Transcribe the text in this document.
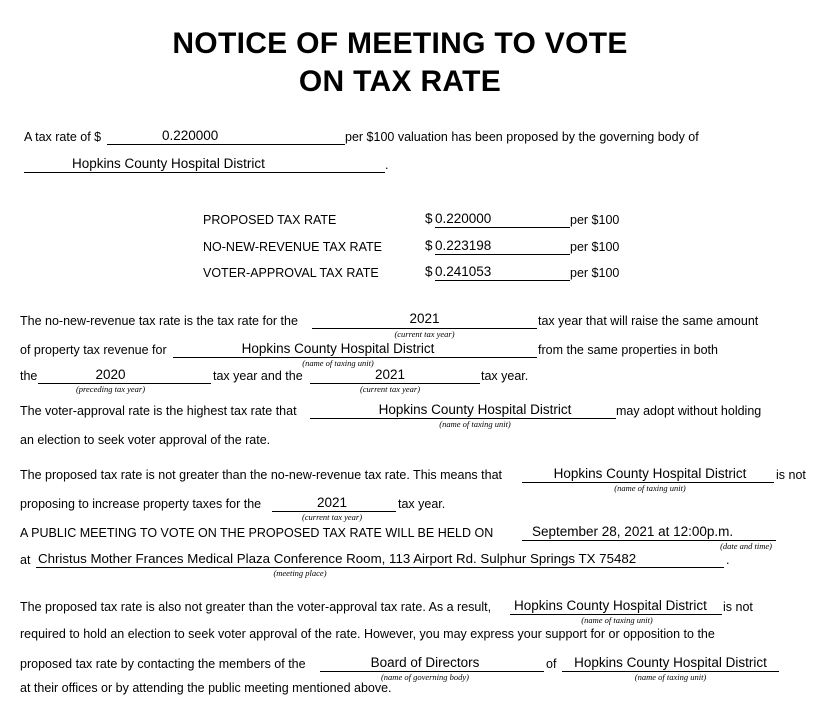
NOTICE OF MEETING TO VOTE
ON TAX RATE
A tax rate of $	0.220000	per $100 valuation has been proposed by the governing body of
Hopkins County Hospital District	.
PROPOSED TAX RATE	$ 0.220000	per $100
NO-NEW-REVENUE TAX RATE	$ 0.223198	per $100
VOTER-APPROVAL TAX RATE	$ 0.241053	per $100
The no-new-revenue tax rate is the tax rate for the	2021
(current tax year)
tax year that will raise the same amount
of property tax revenue for	Hopkins County Hospital District
(name of taxing unit)
from the same properties in both
the	2020
(preceding tax year)
tax year and the	2021
(current tax year)
tax year.
The voter-approval rate is the highest tax rate that	Hopkins County Hospital District
(name of taxing unit)
may adopt without holding
an election to seek voter approval of the rate.
The proposed tax rate is not greater than the no-new-revenue tax rate. This means that	Hopkins County Hospital District
(name of taxing unit)
is not
proposing to increase property taxes for the	2021
(current tax year)
tax year.
A PUBLIC MEETING TO VOTE ON THE PROPOSED TAX RATE WILL BE HELD ON	September 28, 2021 at 12:00p.m.
(date and time)
at Christus Mother Frances Medical Plaza Conference Room, 113 Airport Rd. Sulphur Springs TX 75482
(meeting place)
.
The proposed tax rate is also not greater than the voter-approval tax rate. As a result, Hopkins County Hospital District
(name of taxing unit)
is not
required to hold an election to seek voter approval of the rate. However, you may express your support for or opposition to the
proposed tax rate by contacting the members of the	Board of Directors
(name of governing body)
of	Hopkins County Hospital District
(name of taxing unit)
at their offices or by attending the public meeting mentioned above.
